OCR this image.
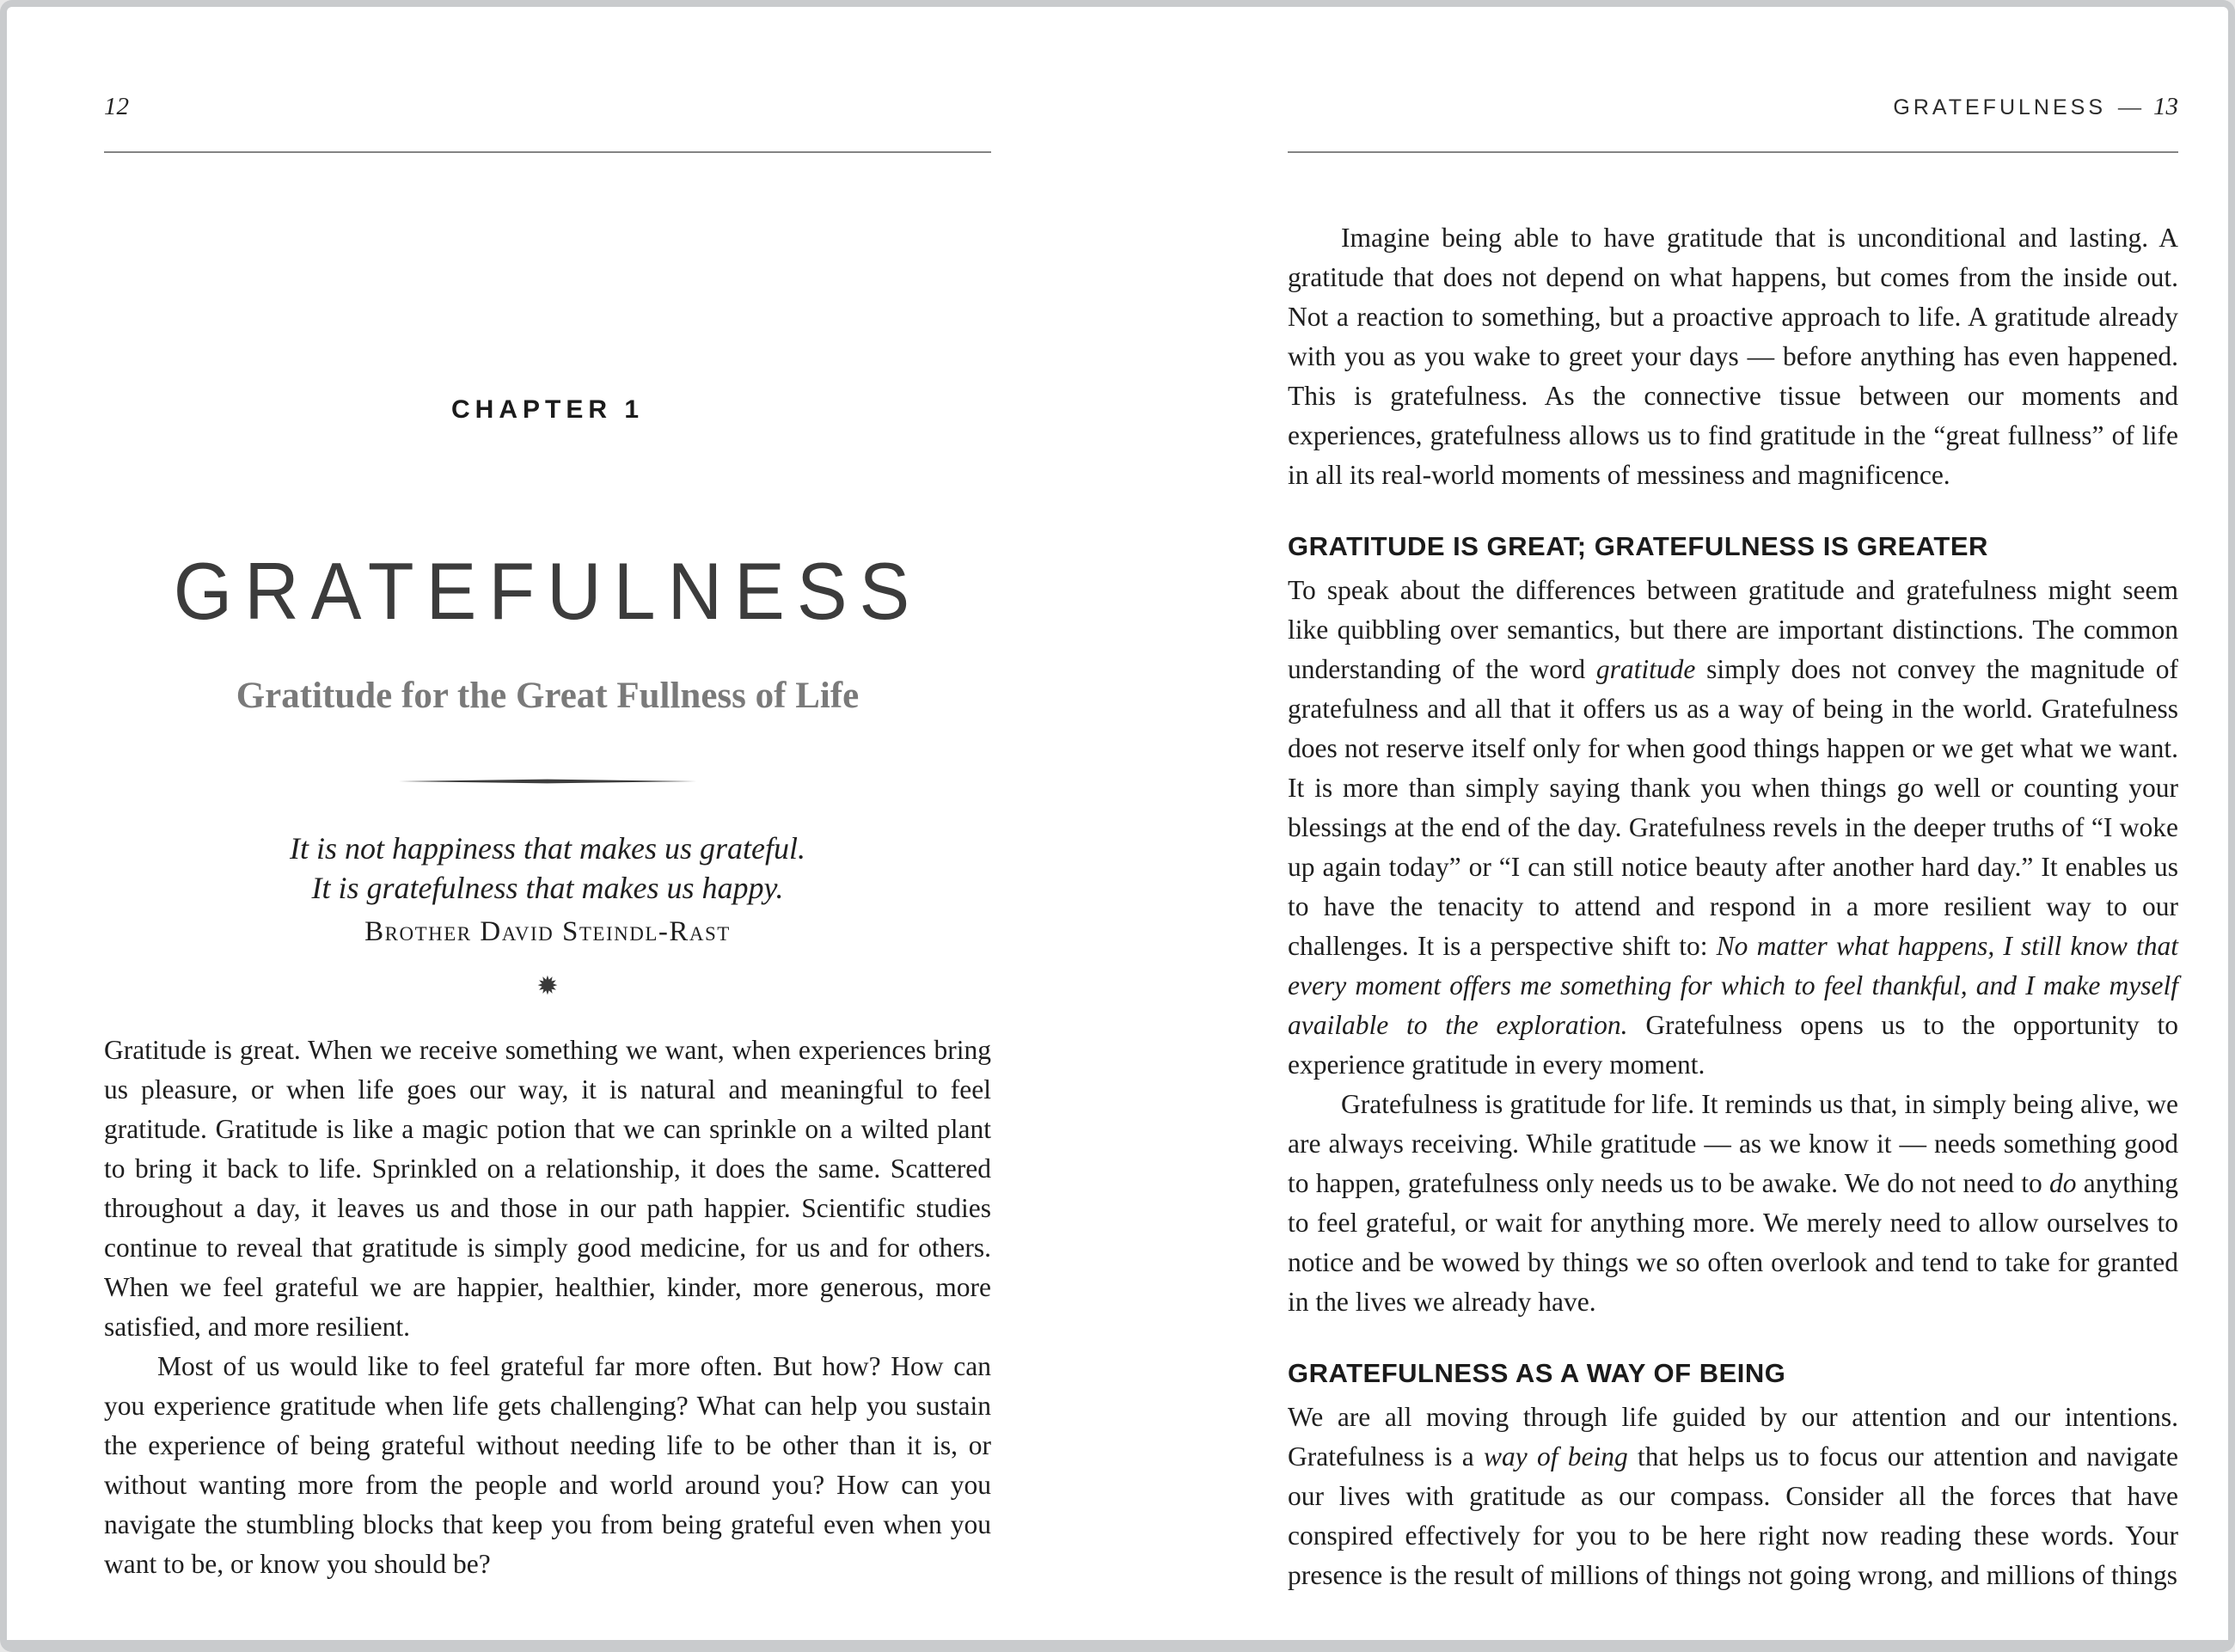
12
CHAPTER 1
GRATEFULNESS
Gratitude for the Great Fullness of Life
It is not happiness that makes us grateful.
It is gratefulness that makes us happy.
Brother David Steindl-Rast
✹

Gratitude is great. When we receive something we want, when experiences bring us pleasure, or when life goes our way, it is natural and meaningful to feel gratitude. Gratitude is like a magic potion that we can sprinkle on a wilted plant to bring it back to life. Sprinkled on a relationship, it does the same. Scattered throughout a day, it leaves us and those in our path happier. Scientific studies continue to reveal that gratitude is simply good medicine, for us and for others. When we feel grateful we are happier, healthier, kinder, more generous, more satisfied, and more resilient.

Most of us would like to feel grateful far more often. But how? How can you experience gratitude when life gets challenging? What can help you sustain the experience of being grateful without needing life to be other than it is, or without wanting more from the people and world around you? How can you navigate the stumbling blocks that keep you from being grateful even when you want to be, or know you should be?

GRATEFULNESS — 13

Imagine being able to have gratitude that is unconditional and lasting. A gratitude that does not depend on what happens, but comes from the inside out. Not a reaction to something, but a proactive approach to life. A gratitude already with you as you wake to greet your days — before anything has even happened. This is gratefulness. As the connective tissue between our moments and experiences, gratefulness allows us to find gratitude in the “great fullness” of life in all its real-world moments of messiness and magnificence.

GRATITUDE IS GREAT; GRATEFULNESS IS GREATER

To speak about the differences between gratitude and gratefulness might seem like quibbling over semantics, but there are important distinctions. The common understanding of the word gratitude simply does not convey the magnitude of gratefulness and all that it offers us as a way of being in the world. Gratefulness does not reserve itself only for when good things happen or we get what we want. It is more than simply saying thank you when things go well or counting your blessings at the end of the day. Gratefulness revels in the deeper truths of “I woke up again today” or “I can still notice beauty after another hard day.” It enables us to have the tenacity to attend and respond in a more resilient way to our challenges. It is a perspective shift to: No matter what happens, I still know that every moment offers me something for which to feel thankful, and I make myself available to the exploration. Gratefulness opens us to the opportunity to experience gratitude in every moment.

Gratefulness is gratitude for life. It reminds us that, in simply being alive, we are always receiving. While gratitude — as we know it — needs something good to happen, gratefulness only needs us to be awake. We do not need to do anything to feel grateful, or wait for anything more. We merely need to allow ourselves to notice and be wowed by things we so often overlook and tend to take for granted in the lives we already have.

GRATEFULNESS AS A WAY OF BEING

We are all moving through life guided by our attention and our intentions. Gratefulness is a way of being that helps us to focus our attention and navigate our lives with gratitude as our compass. Consider all the forces that have conspired effectively for you to be here right now reading these words. Your presence is the result of millions of things not going wrong, and millions of things
